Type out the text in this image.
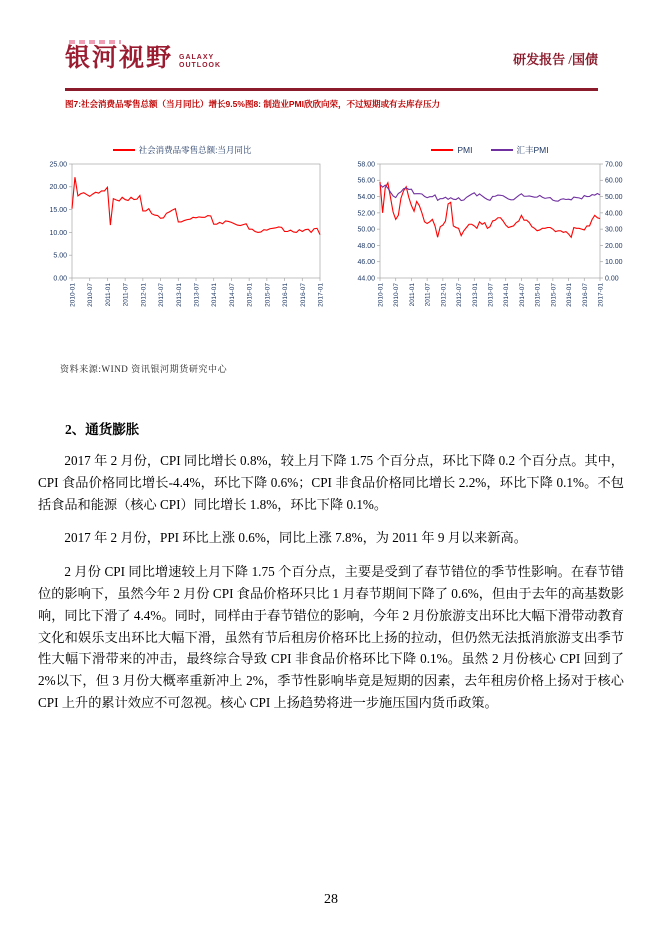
银河视野 GALAXY
OUTLOOK	研发报告 /国债
图7:社会消费品零售总额（当月同比）增长9.5%图8: 制造业PMI欣欣向荣，不过短期或有去库存压力
社会消费品零售总额:当月同比
0.00
5.00
10.00
15.00
20.00
25.00
2010-01 2010-07 2011-01 2011-07 2012-01 2012-07 2013-01 2013-07 2014-01 2014-07 2015-01 2015-07 2016-01 2016-07 2017-01
PMI	汇丰PMI
44.00
46.00
48.00
50.00
52.00
54.00
56.00
58.00
0.00
10.00
20.00
30.00
40.00
50.00
60.00
70.00
2010-01 2010-07 2011-01 2011-07 2012-01 2012-07 2013-01 2013-07 2014-01 2014-07 2015-01 2015-07 2016-01 2016-07 2017-01
资料来源:WIND 资讯银河期货研究中心
2、通货膨胀

2017 年 2 月份，CPI 同比增长 0.8%，较上月下降 1.75 个百分点，环比下降 0.2 个百分点。其中，CPI 食品价格同比增长-4.4%，环比下降 0.6%；CPI 非食品价格同比增长 2.2%，环比下降 0.1%。不包括食品和能源（核心 CPI）同比增长 1.8%，环比下降 0.1%。

2017 年 2 月份，PPI 环比上涨 0.6%，同比上涨 7.8%，为 2011 年 9 月以来新高。

2 月份 CPI 同比增速较上月下降 1.75 个百分点，主要是受到了春节错位的季节性影响。在春节错位的影响下，虽然今年 2 月份 CPI 食品价格环只比 1 月春节期间下降了 0.6%，但由于去年的高基数影响，同比下滑了 4.4%。同时，同样由于春节错位的影响，今年 2 月份旅游支出环比大幅下滑带动教育文化和娱乐支出环比大幅下滑，虽然有节后租房价格环比上扬的拉动，但仍然无法抵消旅游支出季节性大幅下滑带来的冲击，最终综合导致 CPI 非食品价格环比下降 0.1%。虽然 2 月份核心 CPI 回到了 2%以下，但 3 月份大概率重新冲上 2%，季节性影响毕竟是短期的因素，去年租房价格上扬对于核心 CPI 上升的累计效应不可忽视。核心 CPI 上扬趋势将进一步施压国内货币政策。

28
